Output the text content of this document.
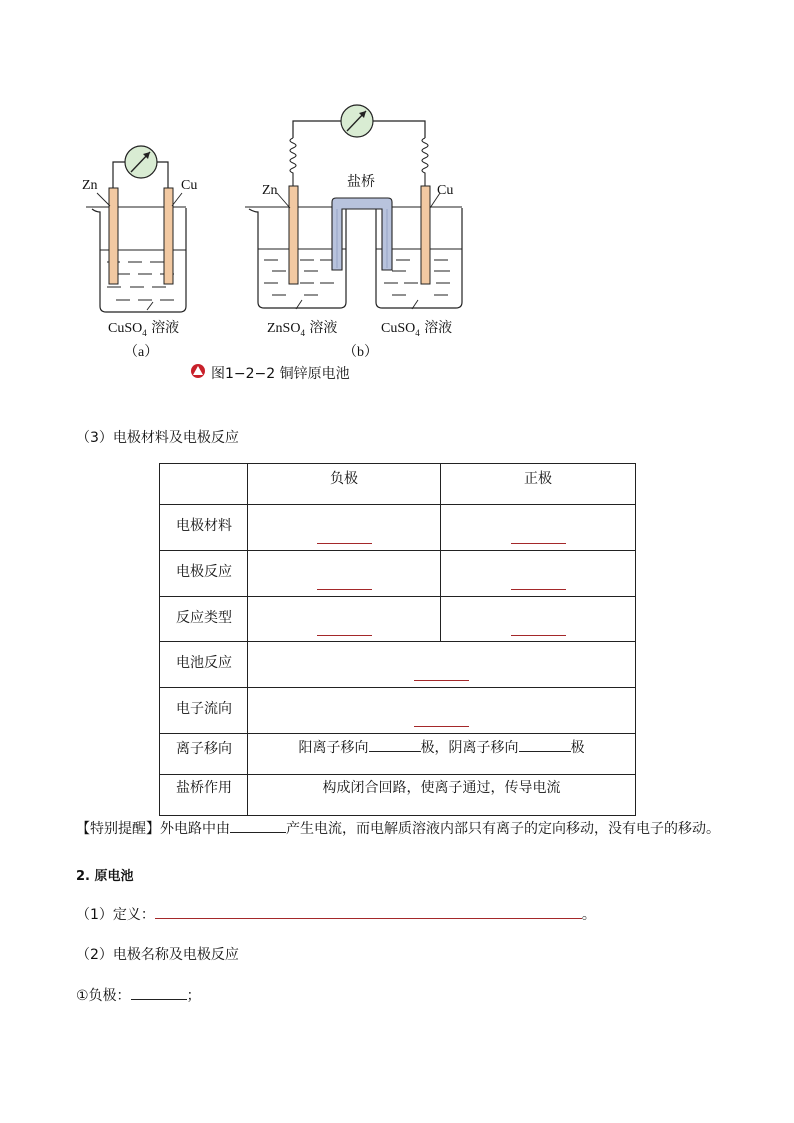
Zn	Cu	Zn
盐桥
Cu
CuSO$_4$ 溶液	ZnSO$_4$ 溶液	CuSO$_4$ 溶液
（a）	（b）
图1−2−2 铜锌原电池
（3）电极材料及电极反应

	负极	正极

电极材料		

电极反应		

反应类型		

电池反应		

电子流向		

离子移向	阳离子移向 极，阴离子移向 极	

盐桥作用	构成闭合回路，使离子通过，传导电流	
【特别提醒】外电路中由	产生电流，而电解质溶液内部只有离子的定向移动，没有电子的移动。
2. 原电池
（1）定义：	。
（2）电极名称及电极反应
①负极：	；
